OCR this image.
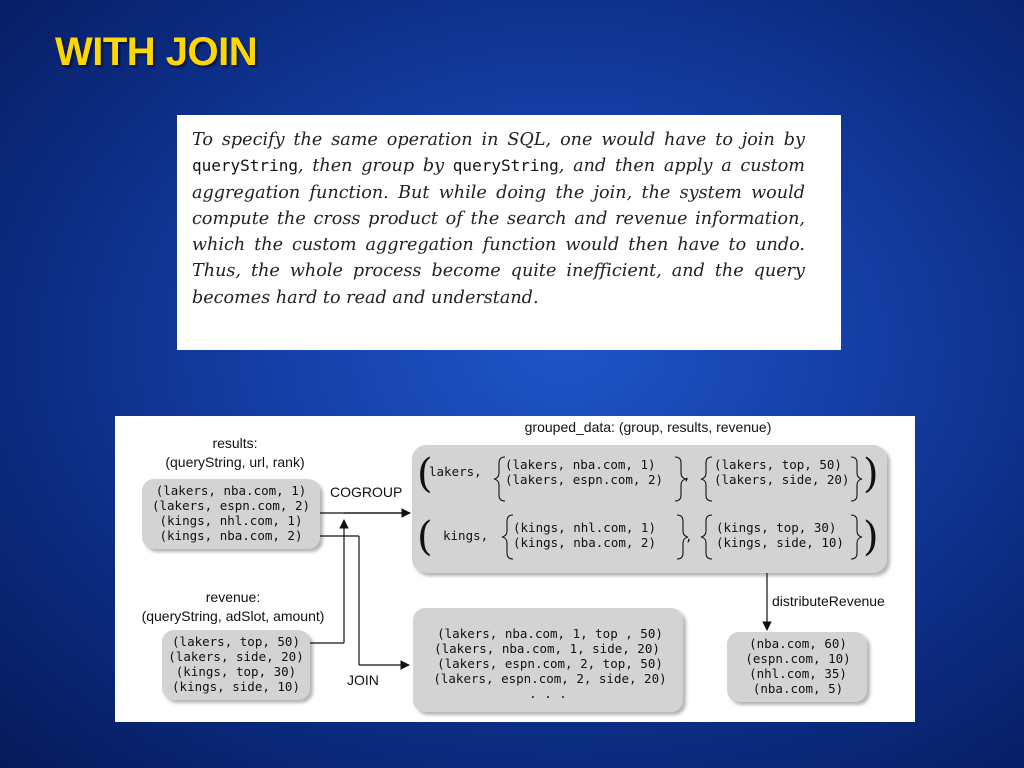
WITH JOIN

To specify the same operation in SQL, one would have to join by queryString, then group by queryString, and then apply a custom aggregation function. But while doing the join, the system would compute the cross product of the search and revenue information, which the custom aggregation function would then have to undo. Thus, the whole process become quite inefficient, and the query becomes hard to read and understand.

results:
(queryString, url, rank)
(lakers, nba.com, 1)
(lakers, espn.com, 2)
(kings, nhl.com, 1)
(kings, nba.com, 2)
revenue:
(queryString, adSlot, amount)
(lakers, top, 50)
(lakers, side, 20)
(kings, top, 30)
(kings, side, 10)
COGROUP
JOIN
grouped_data: (group, results, revenue)
(
lakers, (lakers, nba.com, 1)
(lakers, espn.com, 2) ,
(lakers, top, 50)
(lakers, side, 20) )
( kings,
(kings, nhl.com, 1)
(kings, nba.com, 2) ,
(kings, top, 30)
(kings, side, 10) )
distributeRevenue
(nba.com, 60)
(espn.com, 10)
(nhl.com, 35)
(nba.com, 5)
(lakers, nba.com, 1, top , 50)
(lakers, nba.com, 1, side, 20)
(lakers, espn.com, 2, top, 50)
(lakers, espn.com, 2, side, 20)
. . .
